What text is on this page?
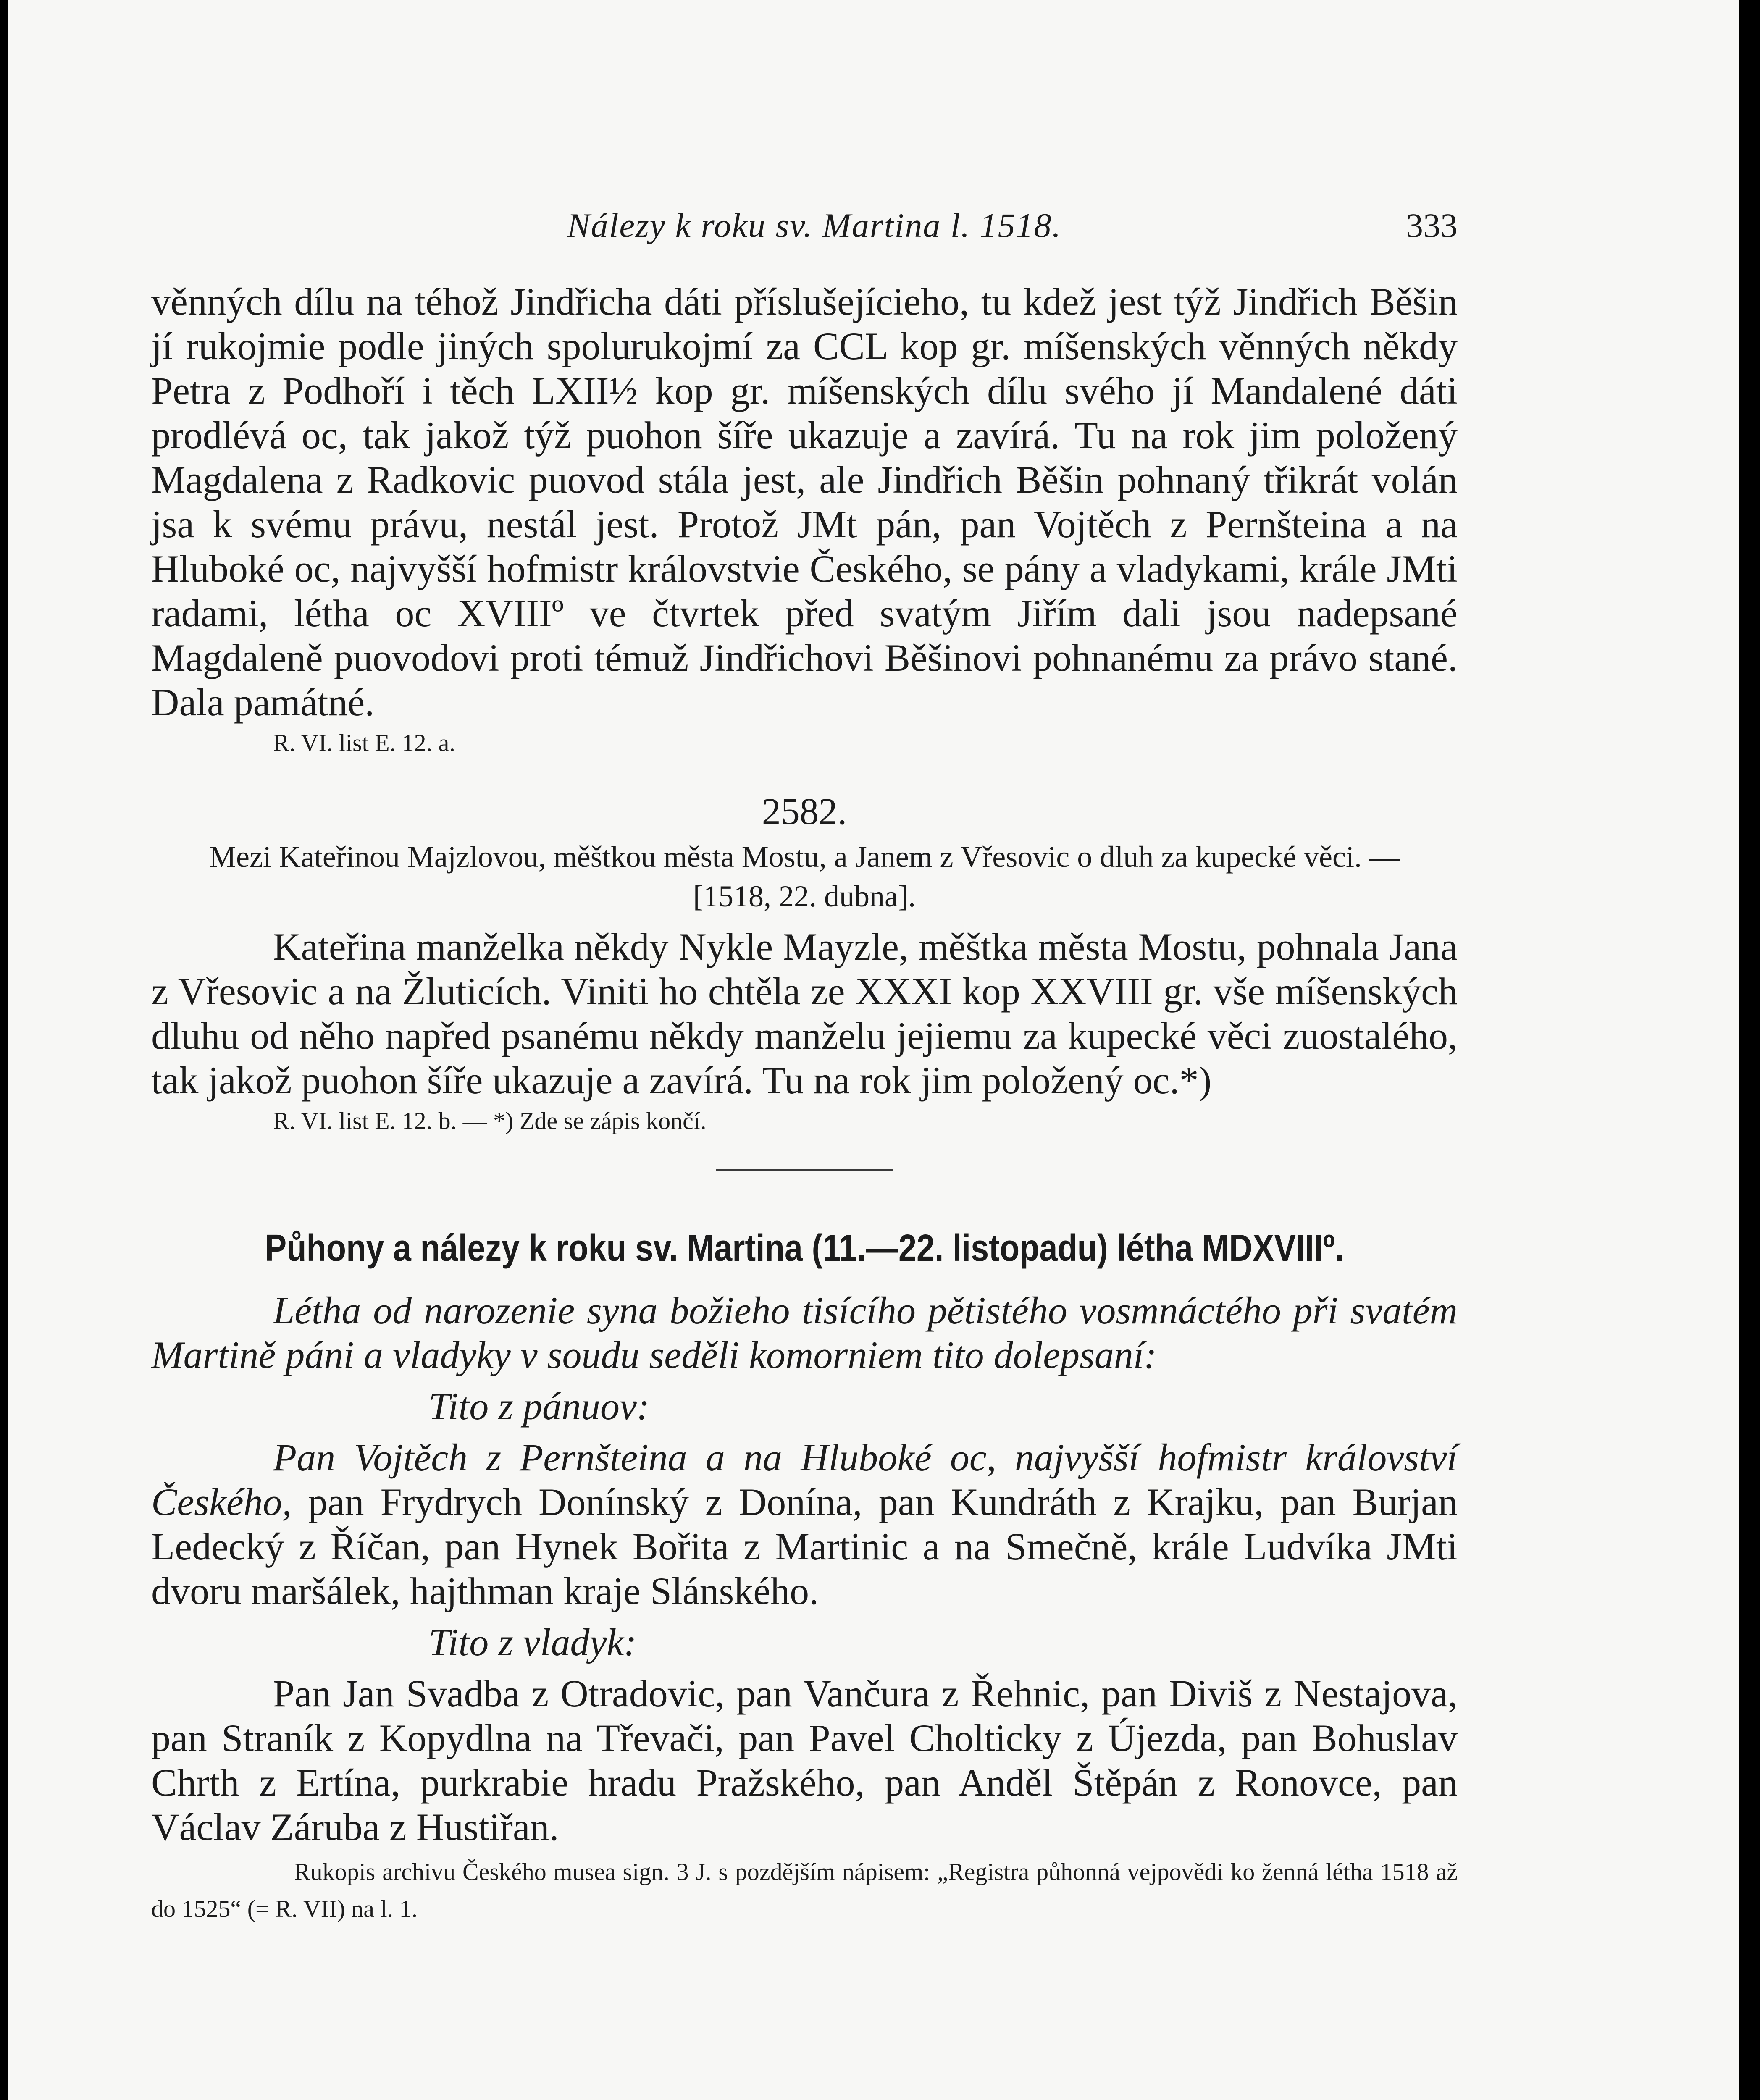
Nálezy k roku sv. Martina l. 1518.	333

věnných dílu na téhož Jindřicha dáti příslušejícieho, tu kdež jest týž Jindřich Běšin jí rukojmie podle jiných spolurukojmí za CCL kop gr. míšenských věnných někdy Petra z Podhoří i těch LXII½ kop gr. míšenských dílu svého jí Mandalené dáti prodlévá oc, tak jakož týž puohon šíře ukazuje a zavírá. Tu na rok jim položený Magdalena z Radkovic puovod stála jest, ale Jindřich Běšin pohnaný třikrát volán jsa k svému právu, nestál jest. Protož JMt pán, pan Vojtěch z Pernšteina a na Hluboké oc, najvyšší hofmistr královstvie Českého, se pány a vladykami, krále JMti radami, létha oc XVIIIº ve čtvrtek před svatým Jiřím dali jsou nadepsané Magdaleně puovodovi proti témuž Jindřichovi Běšinovi pohnanému za právo stané. Dala památné.

R. VI. list E. 12. a.

2582.
Mezi Kateřinou Majzlovou, měštkou města Mostu, a Janem z Vřesovic o dluh za kupecké věci. — [1518, 22. dubna].

Kateřina manželka někdy Nykle Mayzle, měštka města Mostu, pohnala Jana z Vřesovic a na Žluticích. Viniti ho chtěla ze XXXI kop XXVIII gr. vše míšenských dluhu od něho napřed psanému někdy manželu jejiemu za kupecké věci zuostalého, tak jakož puohon šíře ukazuje a zavírá. Tu na rok jim položený oc.*)

R. VI. list E. 12. b. — *) Zde se zápis končí.

Půhony a nálezy k roku sv. Martina (11.—22. listopadu) létha MDXVIIIº.

Létha od narozenie syna božieho tisícího pětistého vosmnáctého při svatém Martině páni a vladyky v soudu seděli komorniem tito dolepsaní:

Tito z pánuov:

Pan Vojtěch z Pernšteina a na Hluboké oc, najvyšší hofmistr království Českého, pan Frydrych Donínský z Donína, pan Kundráth z Krajku, pan Burjan Ledecký z Říčan, pan Hynek Bořita z Martinic a na Smečně, krále Ludvíka JMti dvoru maršálek, hajthman kraje Slánského.

Tito z vladyk:

Pan Jan Svadba z Otradovic, pan Vančura z Řehnic, pan Diviš z Nestajova, pan Straník z Kopydlna na Třevači, pan Pavel Cholticky z Újezda, pan Bohuslav Chrth z Ertína, purkrabie hradu Pražského, pan Anděl Štěpán z Ronovce, pan Václav Záruba z Hustiřan.

Rukopis archivu Českého musea sign. 3 J. s pozdějším nápisem: „Registra půhonná vejpovědi ko ženná létha 1518 až do 1525“ (= R. VII) na l. 1.
